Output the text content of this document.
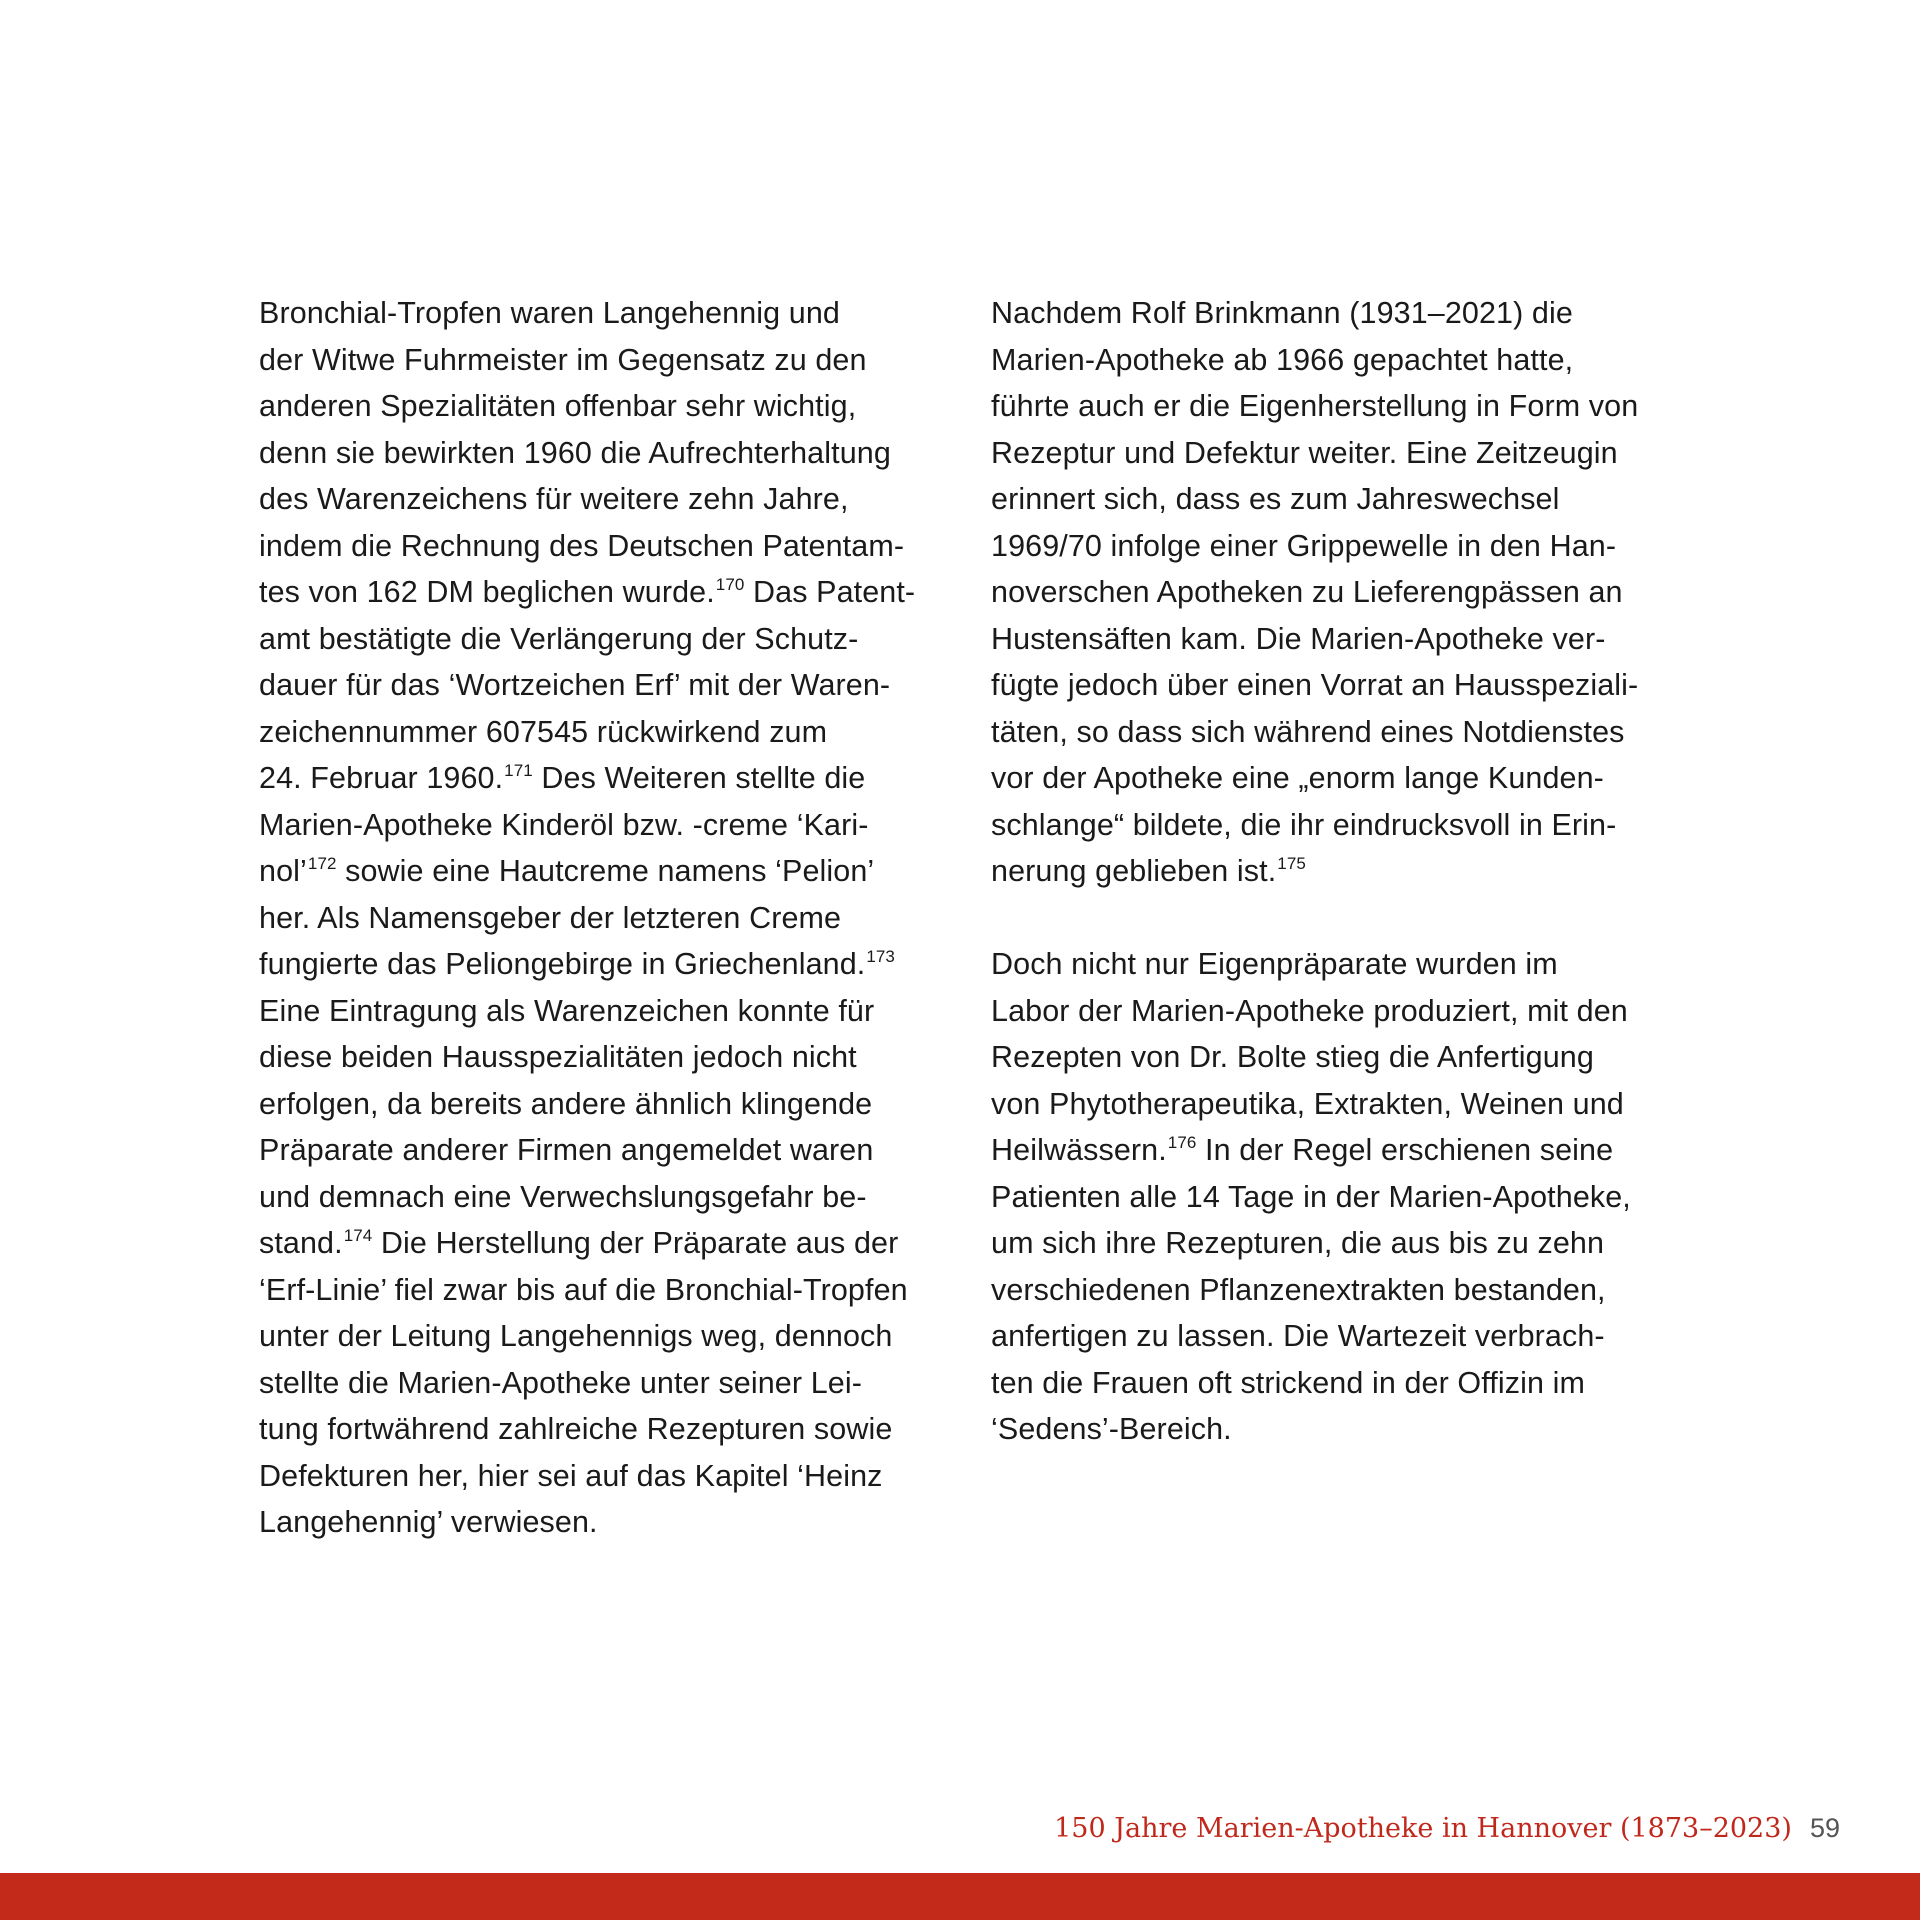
Bronchial-Tropfen waren Langehennig und
der Witwe Fuhrmeister im Gegensatz zu den
anderen Spezialitäten offenbar sehr wichtig,
denn sie bewirkten 1960 die Aufrechterhaltung
des Warenzeichens für weitere zehn Jahre,
indem die Rechnung des Deutschen Patentam-
tes von 162 DM beglichen wurde.$^{170}$ Das Patent-
amt bestätigte die Verlängerung der Schutz-
dauer für das ‘Wortzeichen Erf’ mit der Waren-
zeichennummer 607545 rückwirkend zum
24. Februar 1960.$^{171}$ Des Weiteren stellte die
Marien-Apotheke Kinderöl bzw. -creme ‘Kari-
nol’$^{172}$ sowie eine Hautcreme namens ‘Pelion’
her. Als Namensgeber der letzteren Creme
fungierte das Peliongebirge in Griechenland.$^{173}$
Eine Eintragung als Warenzeichen konnte für
diese beiden Hausspezialitäten jedoch nicht
erfolgen, da bereits andere ähnlich klingende
Präparate anderer Firmen angemeldet waren
und demnach eine Verwechslungsgefahr be-
stand.$^{174}$ Die Herstellung der Präparate aus der
‘Erf-Linie’ fiel zwar bis auf die Bronchial-Tropfen
unter der Leitung Langehennigs weg, dennoch
stellte die Marien-Apotheke unter seiner Lei-
tung fortwährend zahlreiche Rezepturen sowie
Defekturen her, hier sei auf das Kapitel ‘Heinz
Langehennig’ verwiesen.
Nachdem Rolf Brinkmann (1931–2021) die
Marien-Apotheke ab 1966 gepachtet hatte,
führte auch er die Eigenherstellung in Form von
Rezeptur und Defektur weiter. Eine Zeitzeugin
erinnert sich, dass es zum Jahreswechsel
1969/70 infolge einer Grippewelle in den Han-
noverschen Apotheken zu Lieferengpässen an
Hustensäften kam. Die Marien-Apotheke ver-
fügte jedoch über einen Vorrat an Hausspeziali-
täten, so dass sich während eines Notdienstes
vor der Apotheke eine „enorm lange Kunden-
schlange“ bildete, die ihr eindrucksvoll in Erin-
nerung geblieben ist.$^{175}$
Doch nicht nur Eigenpräparate wurden im
Labor der Marien-Apotheke produziert, mit den
Rezepten von Dr. Bolte stieg die Anfertigung
von Phytotherapeutika, Extrakten, Weinen und
Heilwässern.$^{176}$ In der Regel erschienen seine
Patienten alle 14 Tage in der Marien-Apotheke,
um sich ihre Rezepturen, die aus bis zu zehn
verschiedenen Pflanzenextrakten bestanden,
anfertigen zu lassen. Die Wartezeit verbrach-
ten die Frauen oft strickend in der Offizin im
‘Sedens’-Bereich.
150 Jahre Marien-Apotheke in Hannover (1873–2023) 59
